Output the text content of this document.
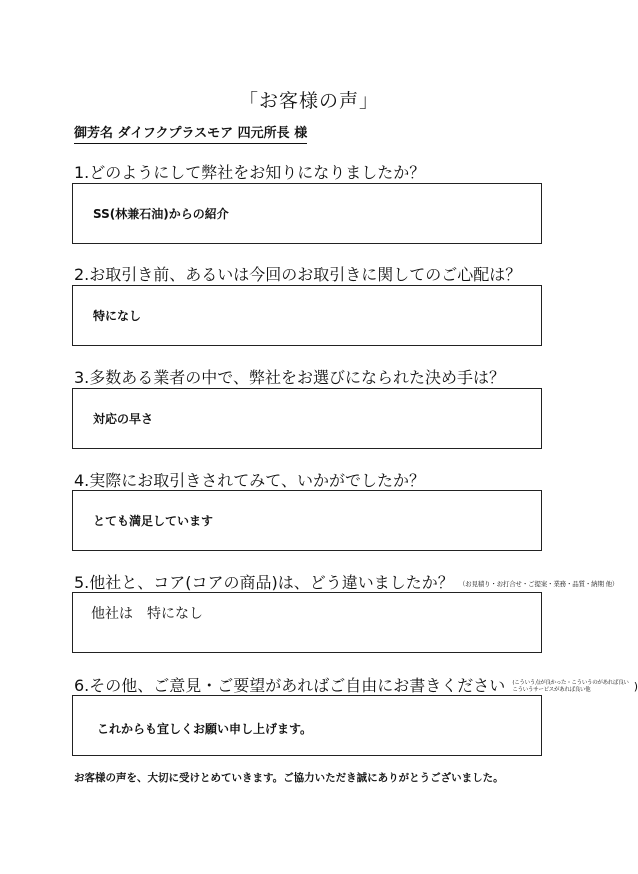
「お客様の声」
御芳名 ダイフクプラスモア 四元所長 様
1.どのようにして弊社をお知りになりましたか？
SS(林兼石油)からの紹介
2.お取引き前、あるいは今回のお取引きに関してのご心配は？
特になし
3.多数ある業者の中で、弊社をお選びになられた決め手は？
対応の早さ
4.実際にお取引きされてみて、いかがでしたか？
とても満足しています
5.他社と、コア(コアの商品)は、どう違いましたか？ （お見積り・お打合せ・ご提案・業務・品質・納期 他）
他社は　特になし
6.その他、ご意見・ご要望があればご自由にお書きください (こういう点が良かった・こういうのがあれば良い
こういうサービスがあれば良い他	)
これからも宜しくお願い申し上げます。
お客様の声を、大切に受けとめていきます。ご協力いただき誠にありがとうございました。
